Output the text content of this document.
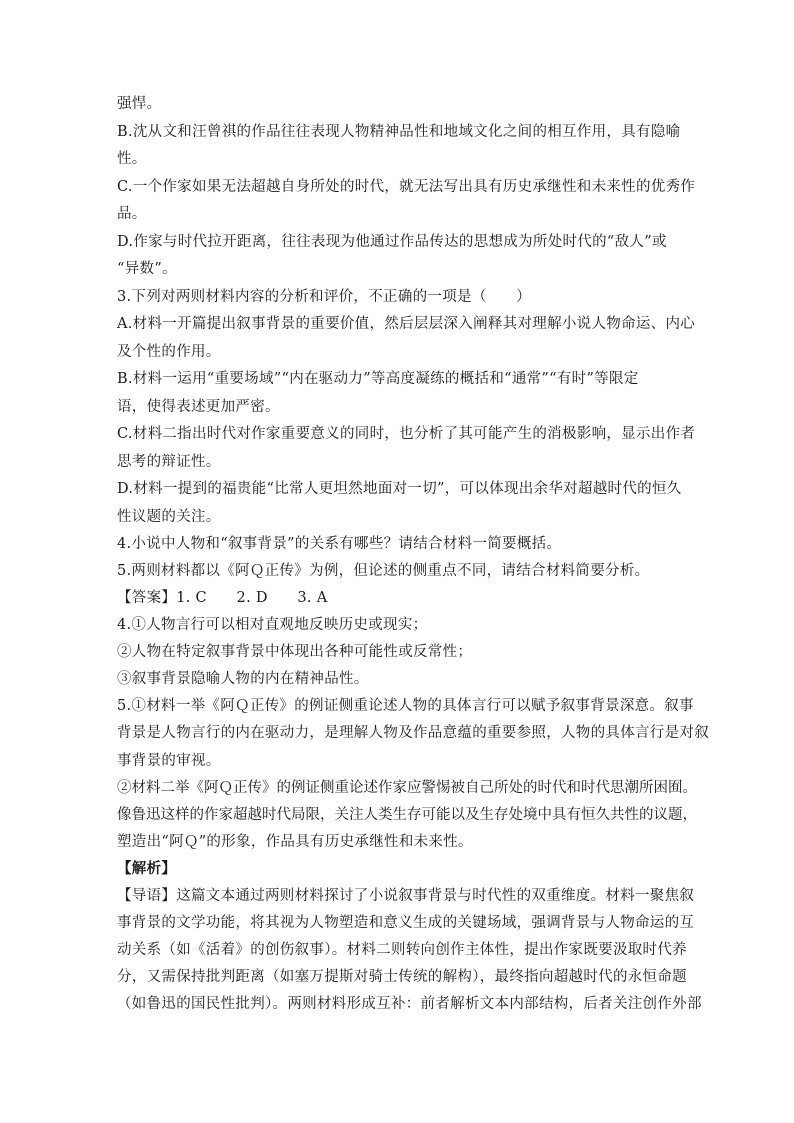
强悍。
B.沈从文和汪曾祺的作品往往表现人物精神品性和地域文化之间的相互作用，具有隐喻
性。
C.一个作家如果无法超越自身所处的时代，就无法写出具有历史承继性和未来性的优秀作
品。
D.作家与时代拉开距离，往往表现为他通过作品传达的思想成为所处时代的“敌人”或
“异数”。
3.下列对两则材料内容的分析和评价，不正确的一项是（　　）
A.材料一开篇提出叙事背景的重要价值，然后层层深入阐释其对理解小说人物命运、内心
及个性的作用。
B.材料一运用“重要场域”“内在驱动力”等高度凝练的概括和“通常”“有时”等限定
语，使得表述更加严密。
C.材料二指出时代对作家重要意义的同时，也分析了其可能产生的消极影响，显示出作者
思考的辩证性。
D.材料一提到的福贵能“比常人更坦然地面对一切”，可以体现出余华对超越时代的恒久
性议题的关注。
4.小说中人物和“叙事背景”的关系有哪些？请结合材料一简要概括。
5.两则材料都以《阿Ｑ正传》为例，但论述的侧重点不同，请结合材料简要分析。
【答案】1. C　　2. D　　3. A
4.①人物言行可以相对直观地反映历史或现实；
②人物在特定叙事背景中体现出各种可能性或反常性；
③叙事背景隐喻人物的内在精神品性。
5.①材料一举《阿Ｑ正传》的例证侧重论述人物的具体言行可以赋予叙事背景深意。叙事
背景是人物言行的内在驱动力，是理解人物及作品意蕴的重要参照，人物的具体言行是对叙
事背景的审视。
②材料二举《阿Ｑ正传》的例证侧重论述作家应警惕被自己所处的时代和时代思潮所困囿。
像鲁迅这样的作家超越时代局限，关注人类生存可能以及生存处境中具有恒久共性的议题，
塑造出“阿Ｑ”的形象，作品具有历史承继性和未来性。
【解析】
【导语】这篇文本通过两则材料探讨了小说叙事背景与时代性的双重维度。材料一聚焦叙
事背景的文学功能，将其视为人物塑造和意义生成的关键场域，强调背景与人物命运的互
动关系（如《活着》的创伤叙事）。材料二则转向创作主体性，提出作家既要汲取时代养
分，又需保持批判距离（如塞万提斯对骑士传统的解构），最终指向超越时代的永恒命题
（如鲁迅的国民性批判）。两则材料形成互补：前者解析文本内部结构，后者关注创作外部
